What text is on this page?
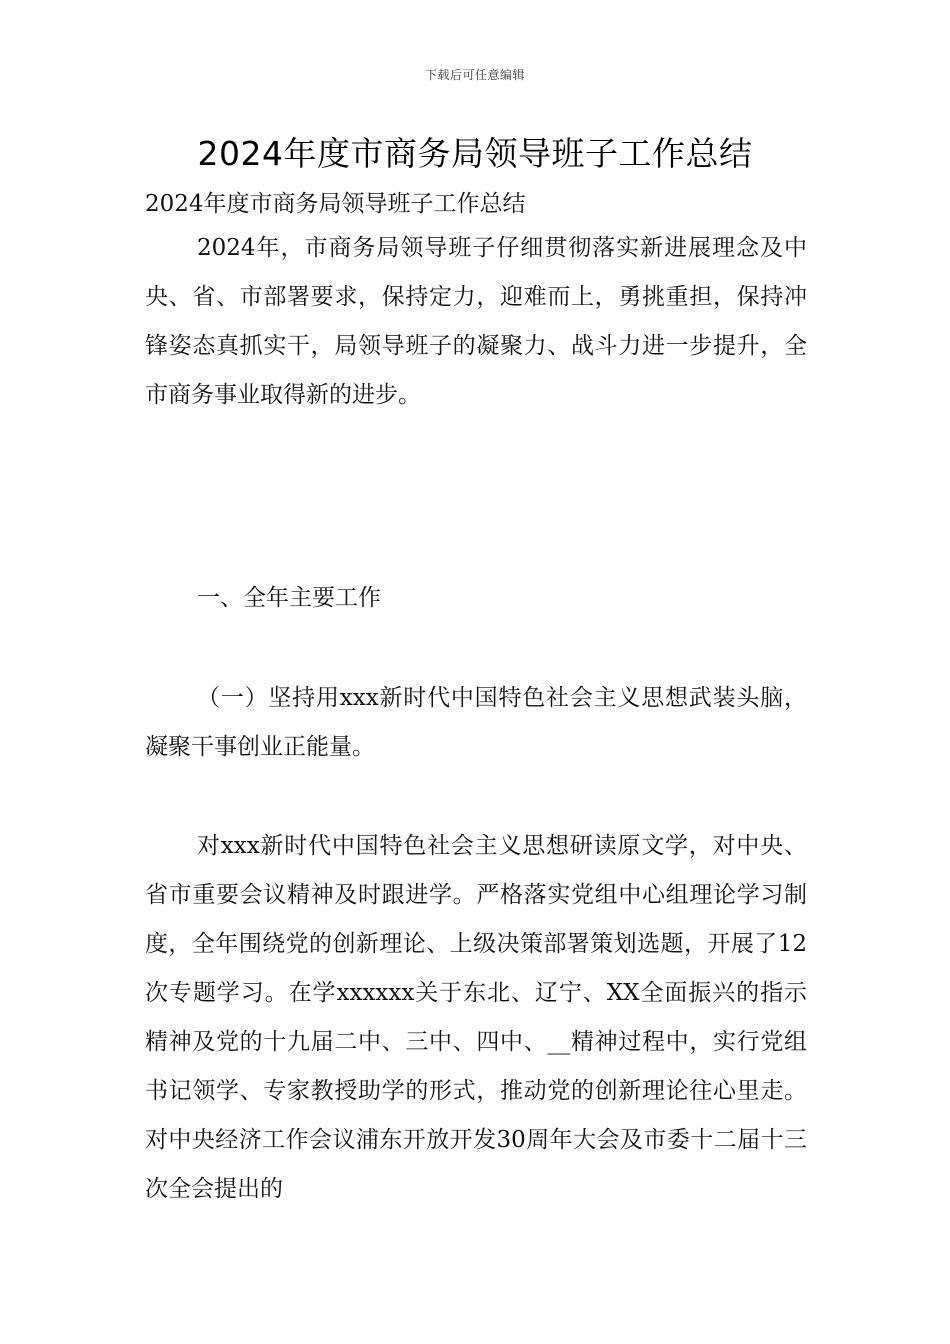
下载后可任意编辑
2024年度市商务局领导班子工作总结

2024年度市商务局领导班子工作总结

2024年，市商务局领导班子仔细贯彻落实新进展理念及中央、省、市部署要求，保持定力，迎难而上，勇挑重担，保持冲锋姿态真抓实干，局领导班子的凝聚力、战斗力进一步提升，全市商务事业取得新的进步。

一、全年主要工作

（一）坚持用xxx新时代中国特色社会主义思想武装头脑，凝聚干事创业正能量。

对xxx新时代中国特色社会主义思想研读原文学，对中央、省市重要会议精神及时跟进学。严格落实党组中心组理论学习制度，全年围绕党的创新理论、上级决策部署策划选题，开展了12次专题学习。在学xxxxxx关于东北、辽宁、XX全面振兴的指示精神及党的十九届二中、三中、四中、__精神过程中，实行党组书记领学、专家教授助学的形式，推动党的创新理论往心里走。对中央经济工作会议浦东开放开发30周年大会及市委十二届十三次全会提出的
